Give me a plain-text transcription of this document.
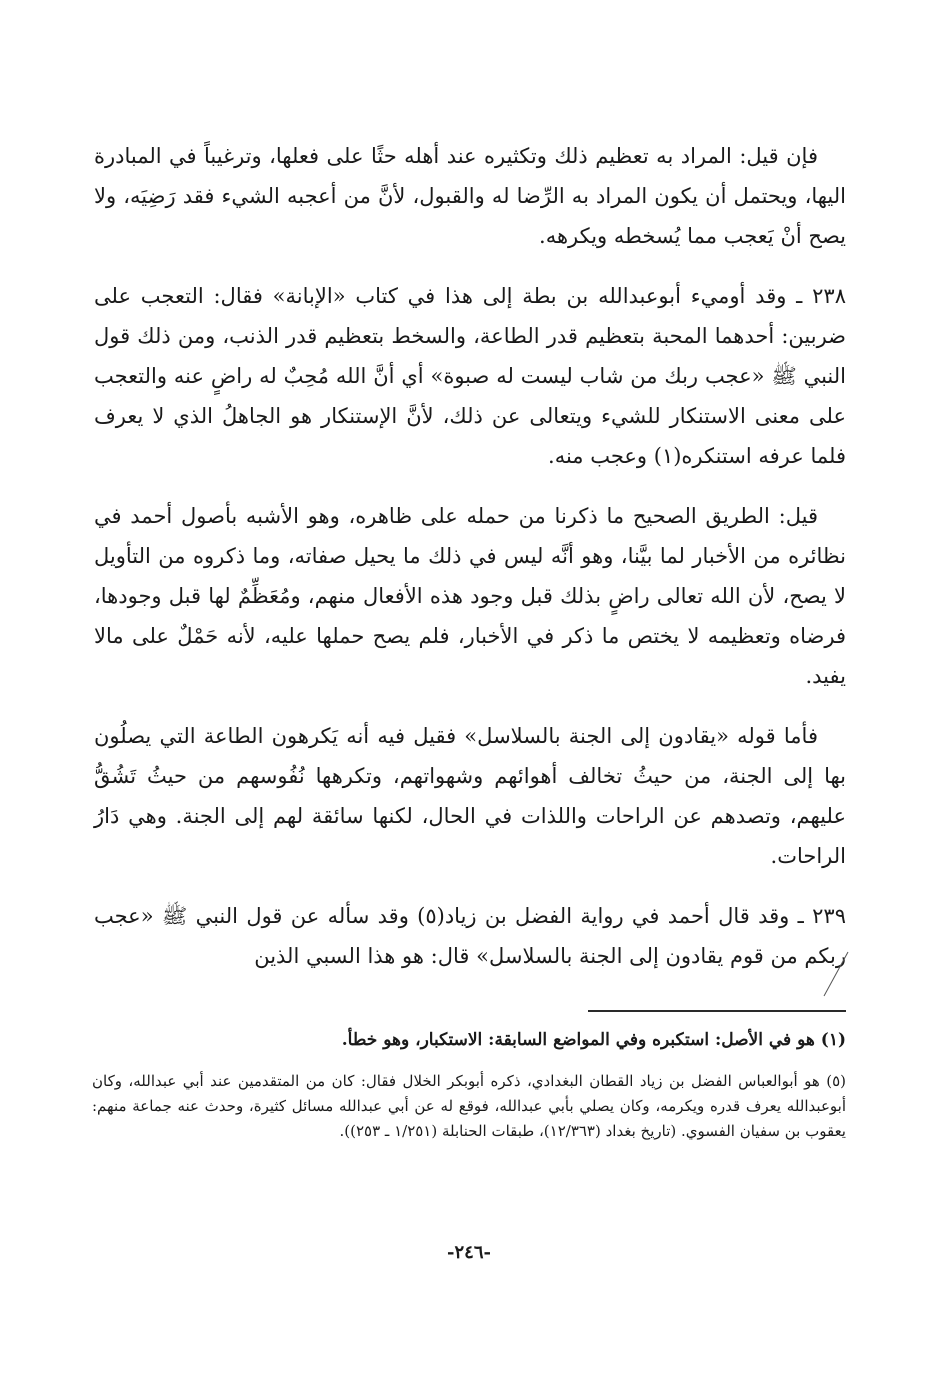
فإن قيل: المراد به تعظيم ذلك وتكثيره عند أهله حثًا على فعلها، وترغيباً في المبادرة اليها، ويحتمل أن يكون المراد به الرِّضا له والقبول، لأنَّ من أعجبه الشيء فقد رَضِيَه، ولا يصح أنْ يَعجب مما يُسخطه ويكرهه.

٢٣٨ ـ وقد أوميء أبوعبدالله بن بطة إلى هذا في كتاب «الإبانة» فقال: التعجب على ضربين: أحدهما المحبة بتعظيم قدر الطاعة، والسخط بتعظيم قدر الذنب، ومن ذلك قول النبي ﷺ «عجب ربك من شاب ليست له صبوة» أي أنَّ الله مُحِبٌ له راضٍ عنه والتعجب على معنى الاستنكار للشيء ويتعالى عن ذلك، لأنَّ الإستنكار هو الجاهلُ الذي لا يعرف فلما عرفه استنكره(١) وعجب منه.

قيل: الطريق الصحيح ما ذكرنا من حمله على ظاهره، وهو الأشبه بأصول أحمد في نظائره من الأخبار لما بيَّنا، وهو أنَّه ليس في ذلك ما يحيل صفاته، وما ذكروه من التأويل لا يصح، لأن الله تعالى راضٍ بذلك قبل وجود هذه الأفعال منهم، ومُعَظِّمٌ لها قبل وجودها، فرضاه وتعظيمه لا يختص ما ذكر في الأخبار، فلم يصح حملها عليه، لأنه حَمْلٌ على مالا يفيد.

فأما قوله «يقادون إلى الجنة بالسلاسل» فقيل فيه أنه يَكرهون الطاعة التي يصلُون بها إلى الجنة، من حيثُ تخالف أهوائهم وشهواتهم، وتكرهها نُفُوسهم من حيثُ تَشُقُّ عليهم، وتصدهم عن الراحات واللذات في الحال، لكنها سائقة لهم إلى الجنة. وهي دَارُ الراحات.

٢٣٩ ـ وقد قال أحمد في رواية الفضل بن زياد(٥) وقد سأله عن قول النبي ﷺ «عجب ربكم من قوم يقادون إلى الجنة بالسلاسل» قال: هو هذا السبي الذين

(١) هو في الأصل: استكبره وفي المواضع السابقة: الاستكبار، وهو خطأ.

(٥) هو أبوالعباس الفضل بن زياد القطان البغدادي، ذكره أبوبكر الخلال فقال: كان من المتقدمين عند أبي عبدالله، وكان أبوعبدالله يعرف قدره ويكرمه، وكان يصلي بأبي عبدالله، فوقع له عن أبي عبدالله مسائل كثيرة، وحدث عنه جماعة منهم: يعقوب بن سفيان الفسوي. (تاريخ بغداد (١٢/٣٦٣)، طبقات الحنابلة (١/٢٥١ ـ ٢٥٣)).

-٢٤٦-
